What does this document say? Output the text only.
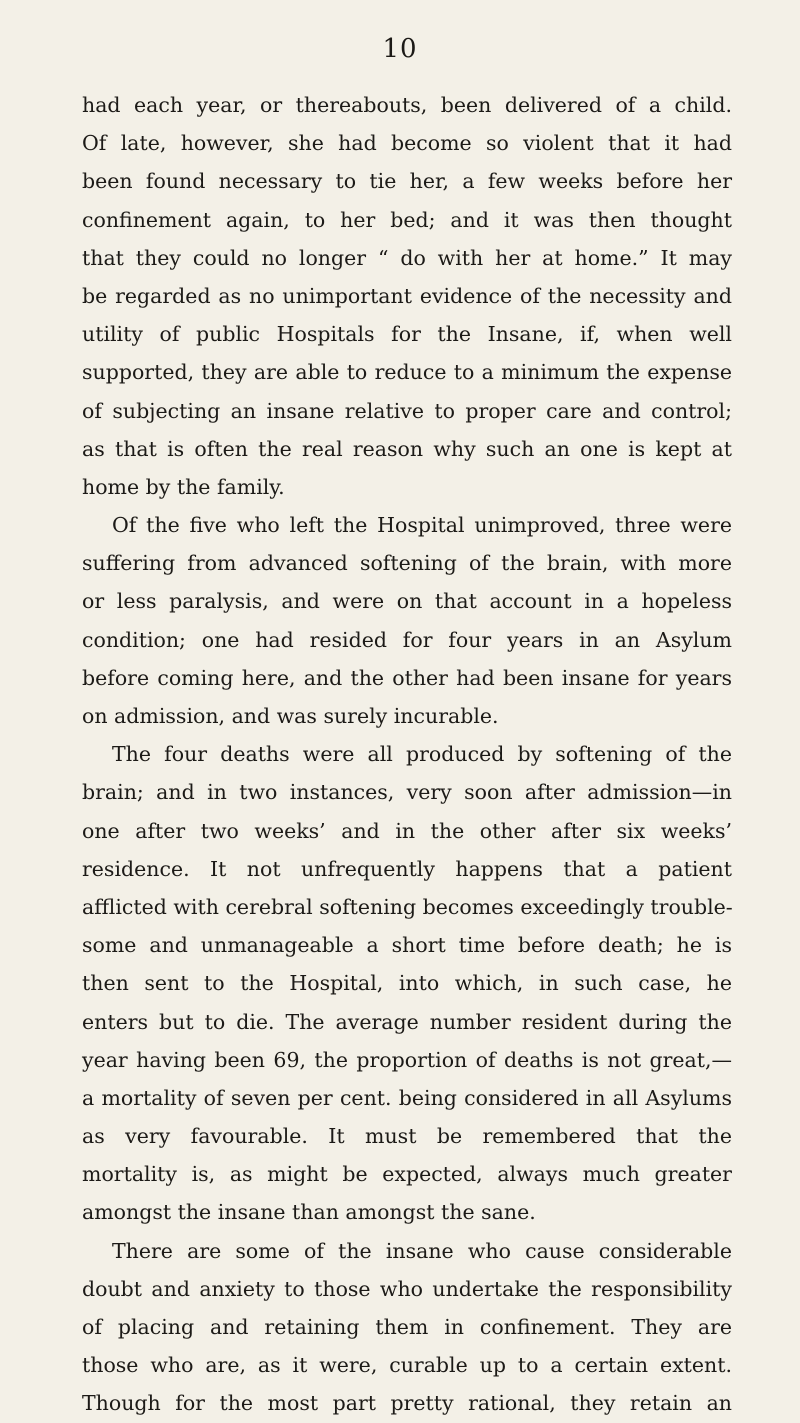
10
had each year, or thereabouts, been delivered of a child.
Of late, however, she had become so violent that it had
been found necessary to tie her, a few weeks before her
confinement again, to her bed; and it was then thought
that they could no longer “ do with her at home.” It may
be regarded as no unimportant evidence of the necessity and
utility of public Hospitals for the Insane, if, when well
supported, they are able to reduce to a minimum the expense
of subjecting an insane relative to proper care and control;
as that is often the real reason why such an one is kept at
home by the family.
Of the five who left the Hospital unimproved, three were
suffering from advanced softening of the brain, with more
or less paralysis, and were on that account in a hopeless
condition; one had resided for four years in an Asylum
before coming here, and the other had been insane for years
on admission, and was surely incurable.
The four deaths were all produced by softening of the
brain; and in two instances, very soon after admission—in
one after two weeks’ and in the other after six weeks’
residence. It not unfrequently happens that a patient
afflicted with cerebral softening becomes exceedingly trouble-
some and unmanageable a short time before death; he is
then sent to the Hospital, into which, in such case, he
enters but to die. The average number resident during the
year having been 69, the proportion of deaths is not great,—
a mortality of seven per cent. being considered in all Asylums
as very favourable. It must be remembered that the
mortality is, as might be expected, always much greater
amongst the insane than amongst the sane.
There are some of the insane who cause considerable
doubt and anxiety to those who undertake the responsibility
of placing and retaining them in confinement. They are
those who are, as it were, curable up to a certain extent.
Though for the most part pretty rational, they retain an
